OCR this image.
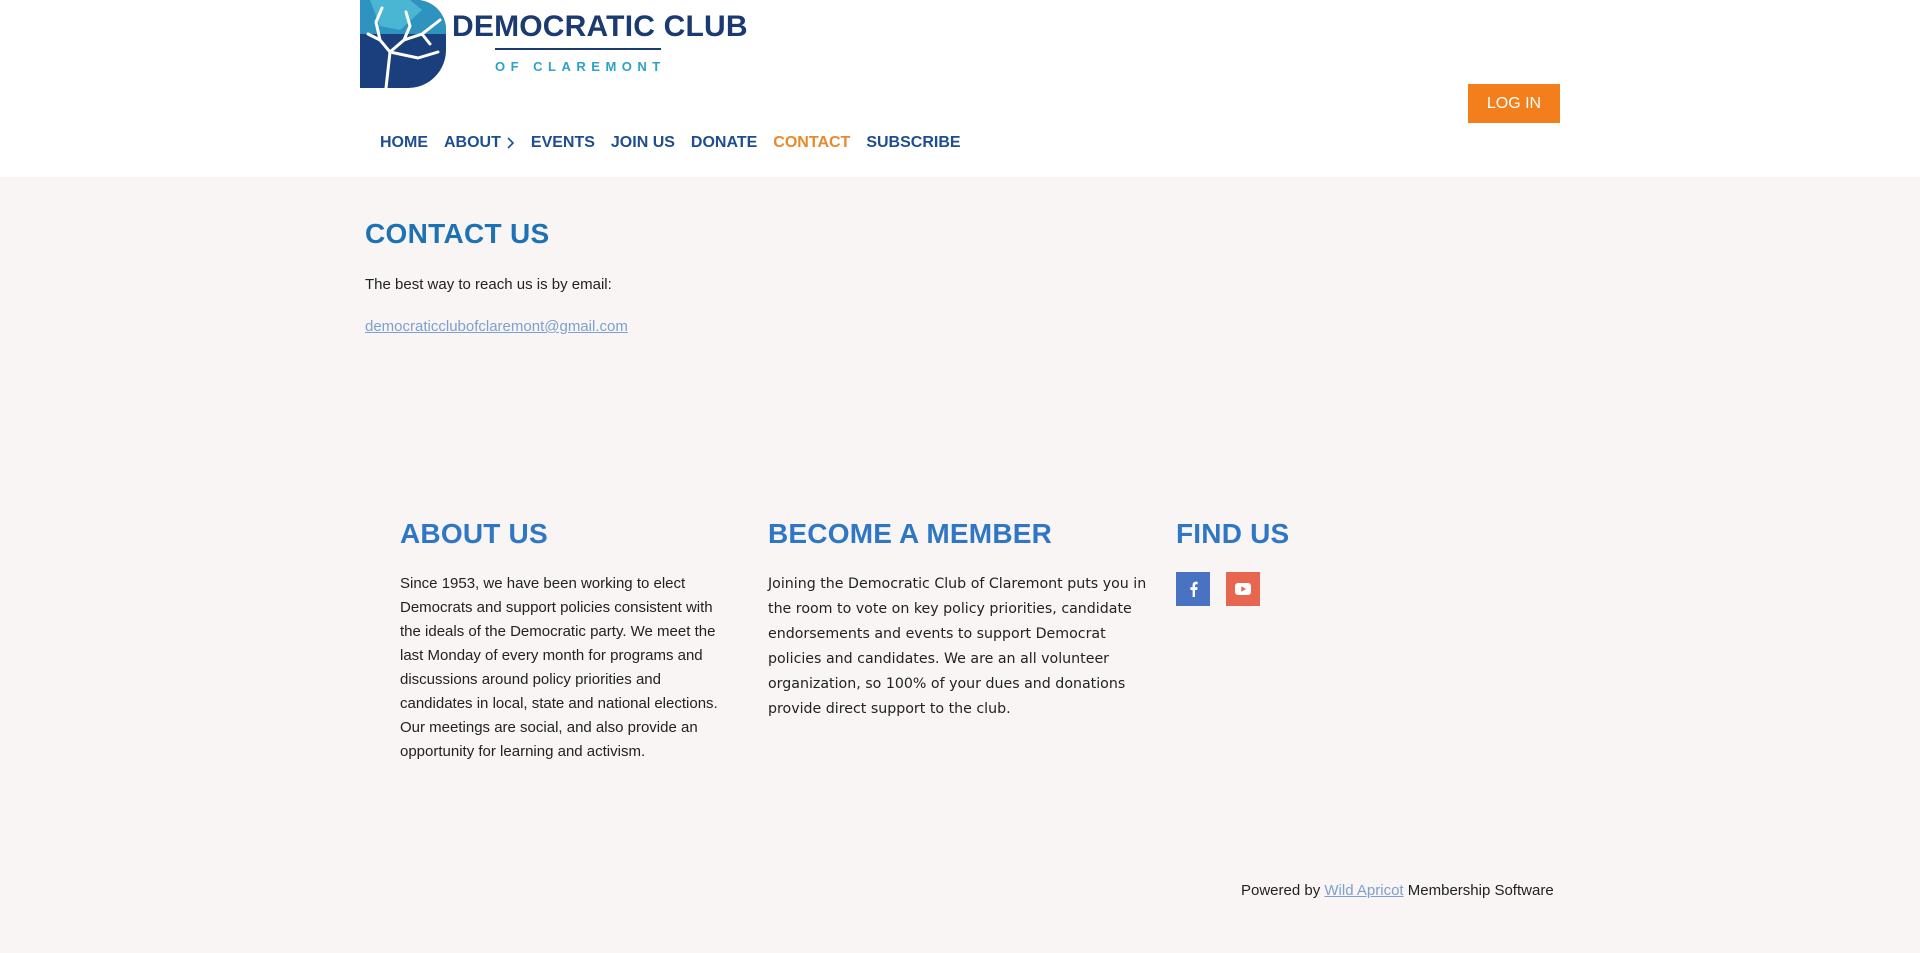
DEMOCRATIC CLUB
OF CLAREMONT
LOG IN
HOME ABOUT EVENTS JOIN US DONATE CONTACT SUBSCRIBE
CONTACT US

The best way to reach us is by email:

democraticclubofclaremont@gmail.com
ABOUT US

Since 1953, we have been working to elect Democrats and support policies consistent with the ideals of the Democratic party. We meet the last Monday of every month for programs and discussions around policy priorities and candidates in local, state and national elections. Our meetings are social, and also provide an opportunity for learning and activism.

BECOME A MEMBER

Joining the Democratic Club of Claremont puts you in the room to vote on key policy priorities, candidate endorsements and events to support Democrat policies and candidates. We are an all volunteer organization, so 100% of your dues and donations provide direct support to the club.

FIND US
Powered by Wild Apricot Membership Software
